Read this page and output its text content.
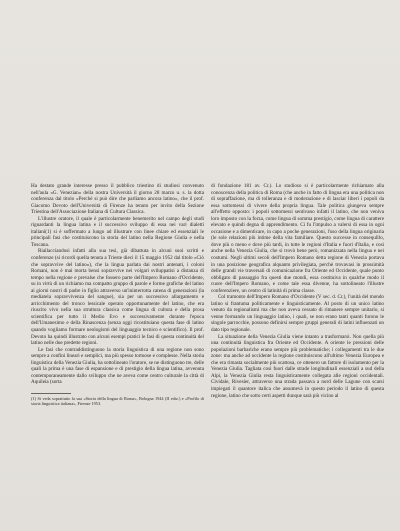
Ha destato grande interesse presso il pubblico triestino di studiosi convenuto nell'aula «G. Venezian» della nostra Università il giorno 28 marzo u. s. la dotta conferenza dal titolo «Perchè si può dire che parliamo ancora latino», che il prof. Giacomo Devoto dell'Università di Firenze ha tenuto per invito della Sezione Triestina dell'Associazione Italiana di Cultura Classica.

L'illustre oratore, il quale è particolarmente benemerito nel campo degli studi riguardanti la lingua latina e il successivo sviluppo di essa nei vari dialetti italiani(1) si è soffermato a lungo ad illustrare con linee chiare ed essenziali le principali fasi che costituiscono la storia del latino nella Regione Giulia e nella Toscana.

Riallacciandosi infatti alla sua tesi, già dibattuta in alcuni suoi scritti e conferenze (si ricordi quella tenuta a Trieste dieci il 15 maggio 1952 dal titolo «Ciò che sopravvive del latino»), che la lingua parlata dai nostri antenati, i coloni Romani, non è mai morta bensì sopravvive nei volgari sviluppatisi a distanza di tempo nella regione e prevalse che fossero parte dell'Impero Romano d'Occidente, su in virtù di un richiamo ma compatto gruppo di parole e forme grafiche del latino ai giorni nostri di padre in figlio attraverso un'ininterrotta catena di generazioni (la mediatela sopravvivenza del sangue), sia per un successivo allargamento e arricchimento del tronco lessicale operato opportunamente del latino, che era riuscito vivo nella sua struttura classica come lingua di cultura e della prosa scientifica per tutto il Medio Evo e successivamente durante l'epoca dell'Umanesimo e della Rinascenza (senza oggi ricostituiano questa fase di latino quando vogliamo formare neologismi del linguaggio tecnico e scientifico). Il prof. Devoto ha quindi illustrato con alcuni esempi pratici le fasi di questa continuità del latino nelle due predette regioni.

Le fasi che contraddistinguono la storia linguistica di una regione non sono sempre a confini lineari e semplici, ma più spesso tortuose e complesse. Nella storia linguistica della Venezia Giulia, ha sottolineato l'oratore, se ne distinguono tre, delle quali la prima è una fase di espansione e di prestigio della lingua latina, avvenuta contemporaneamente dallo sviluppo che ne aveva come centro culturale la città di Aquileia (sorta

(1) Si veda soprattutto la sua «Storia della lingua di Roma», Bologna 1944 (II ediz.) e «Profilo di storia linguistica italiana», Firenze 1953.

di fondazione 181 av. Cr.). Lo studioso si è particolarmente richiamato alla conoscenza della politica di Roma (che anche in fatto di lingua era una politica non di sopraffazione, ma di tolleranza e di moderazione e di lasciar liberi i popoli da essa sottomessi di vivere della propria lingua. Tale politica giungeva sempre all'effetto opposto: i popoli sottomessi sentivano infatti il latino, che non veniva loro imposto con la forza, come lingua di somma prestigio, come lingua di carattere elevato e quindi degna di apprendimento. Ci fu l'impulso a valersi di essa in ogni occasione e a dimenticare, in capo a poche generazioni, l'uso della lingua originaria (le sole relazioni più intime della vita familiare. Questo successe in consequlllo, dove più o meno e dove più tardi, in tutte le regioni d'Italia e fuori d'Italia, e così anche nella Venezia Giulia, che si trovò bene però, romanizzata nella lingua e nei costumi. Negli ultimi secoli dell'Impero Romano detta regione di Venezia portava in una posizione geografica alquanto privilegiata, perchè trovavasi in prossimità delle grandi vie traversali di comunicazione fra Oriente ed Occidente, quale punto obbligato di passaggio fra questi due mondi, essa costituiva in qualche modo il cuore dell'Impero Romano, e come tale essa divenne, ha sottolineato l'illustre conferenziere, un centro di latinità di prima classe.

Col tramonto dell'Impero Romano d'Occidente (V sec. d. Cr.), l'unità del mondo latino si frantuma politicamente e linguisticamente. Al posto di un unico latino venuto da regionalismi ma che non aveva cessato di rimanere sempre unitario, si venne formando un linguaggio latino, i quali, se non erano tanti quanti furono le singole parrocchie, possono definirsi sempre gruppi generali di latini influenzati un dato tipo regionale.

La situazione della Venezia Giulia viene intanto a trasformarsi. Non quella più una continuità linguistica fra Oriente ed Occidente. A oriente le pressioni delle popolazioni barbariche erano sempre più problematiche; i collegamenti tra le due zone: ma anche ad occidente la regione costituiscono all'ultimo Venezia Europea e che era rimasta socialmente più scattosa, ce ottenero un fattore di isolamento per la Venezia Giulia. Tagliata così fuori dalle strade longitudinali essenziali a sud della Alpi, la Venezia Giulia resta linguisticamente collegata alle regioni occidentali. Cividale, Rivesier, attraverso una strada passava a nord delle Lagune con scarsi impiegati il quantore italica che assumevà in questo periodo il latino di questa regione, latino che sotto certi aspetti dunque sarà più vicino al
